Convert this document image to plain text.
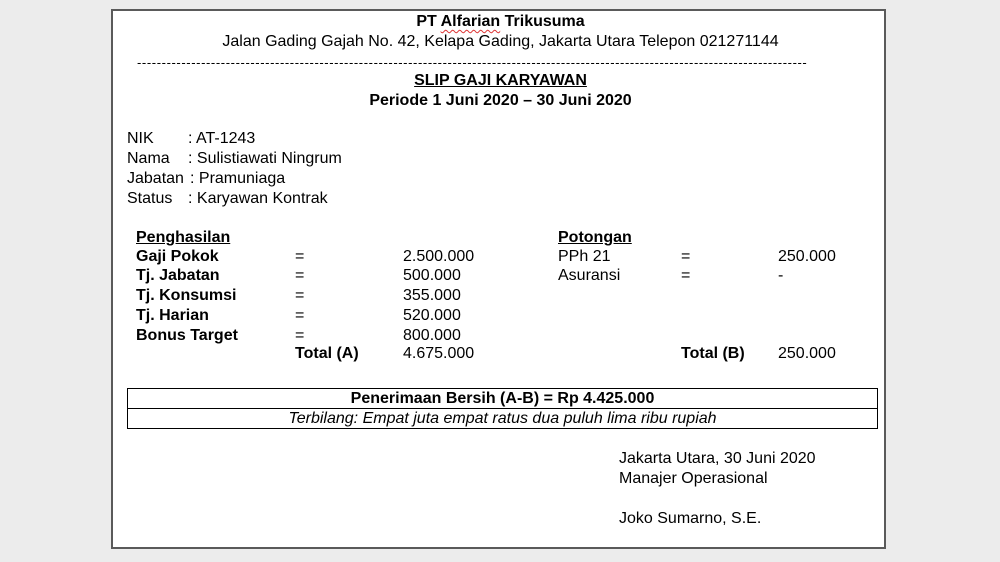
PT Alfarian Trikusuma
Jalan Gading Gajah No. 42, Kelapa Gading, Jakarta Utara Telepon 021271144
----------------------------------------------------------------------------------------------------------------------------------------
SLIP GAJI KARYAWAN
Periode 1 Juni 2020 – 30 Juni 2020
NIK : AT-1243
Nama : Sulistiawati Ningrum
Jabatan : Pramuniaga
Status : Karyawan Kontrak
Penghasilan
Gaji Pokok	=	2.500.000
Tj. Jabatan	=	500.000
Tj. Konsumsi	=	355.000
Tj. Harian	=	520.000
Bonus Target	=	800.000
Total (A)	4.675.000
Potongan
PPh 21	=	250.000
Asuransi	=	-
Total (B) 250.000
Penerimaan Bersih (A-B) = Rp 4.425.000
Terbilang: Empat juta empat ratus dua puluh lima ribu rupiah
Jakarta Utara, 30 Juni 2020
Manajer Operasional
Joko Sumarno, S.E.
